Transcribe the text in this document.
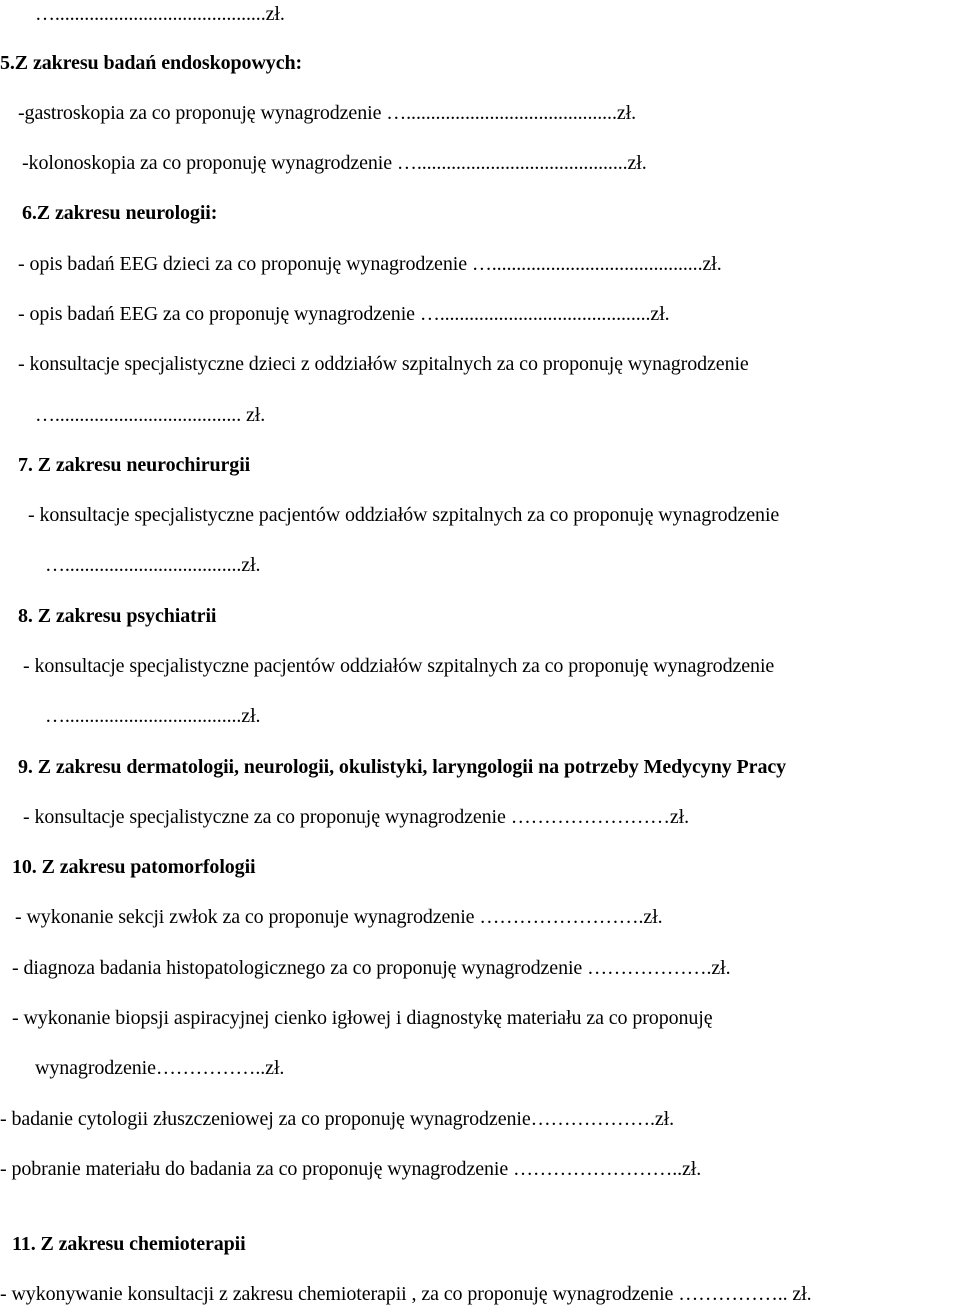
…...........................................zł.
5.Z zakresu badań endoskopowych:
-gastroskopia za co proponuję wynagrodzenie …...........................................zł.
-kolonoskopia za co proponuję wynagrodzenie …...........................................zł.
6.Z zakresu neurologii:
- opis badań EEG dzieci za co proponuję wynagrodzenie …...........................................zł.
- opis badań EEG za co proponuję wynagrodzenie …...........................................zł.
- konsultacje specjalistyczne dzieci z oddziałów szpitalnych za co proponuję wynagrodzenie
…...................................... zł.
7. Z zakresu neurochirurgii
- konsultacje specjalistyczne pacjentów oddziałów szpitalnych za co proponuję wynagrodzenie
…....................................zł.
8. Z zakresu psychiatrii
- konsultacje specjalistyczne pacjentów oddziałów szpitalnych za co proponuję wynagrodzenie
…....................................zł.
9. Z zakresu dermatologii, neurologii, okulistyki, laryngologii na potrzeby Medycyny Pracy
- konsultacje specjalistyczne za co proponuję wynagrodzenie ……………………zł.
10. Z zakresu patomorfologii
- wykonanie sekcji zwłok za co proponuje wynagrodzenie …………………….zł.
- diagnoza badania histopatologicznego za co proponuję wynagrodzenie ……………….zł.
- wykonanie biopsji aspiracyjnej cienko igłowej i diagnostykę materiału za co proponuję
wynagrodzenie……………..zł.
- badanie cytologii złuszczeniowej za co proponuję wynagrodzenie……………….zł.
- pobranie materiału do badania za co proponuję wynagrodzenie ……………………..zł.
11. Z zakresu chemioterapii
- wykonywanie konsultacji z zakresu chemioterapii , za co proponuję wynagrodzenie …………….. zł.
